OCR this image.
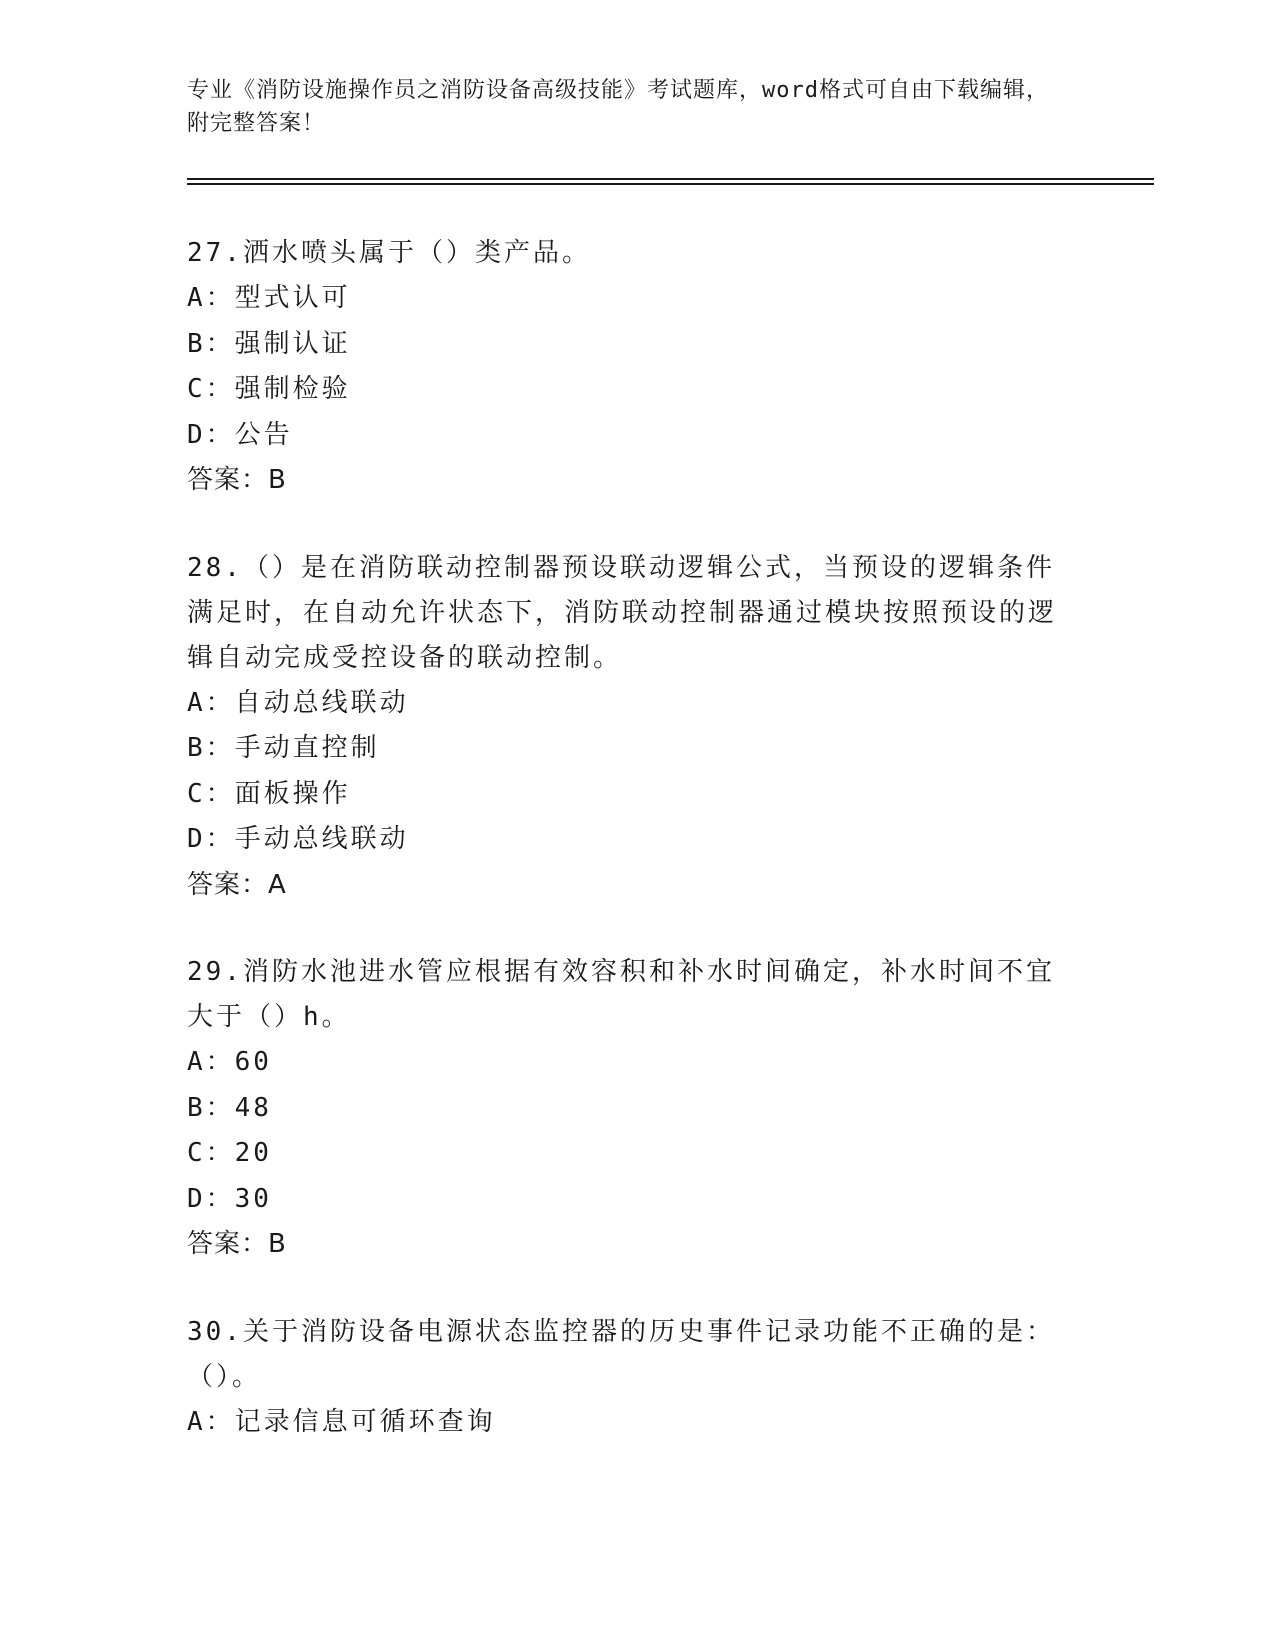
专业《消防设施操作员之消防设备高级技能》考试题库，word格式可自由下载编辑，附完整答案！
27.洒水喷头属于（）类产品。
A：型式认可
B：强制认证
C：强制检验
D：公告
答案：B
28.（）是在消防联动控制器预设联动逻辑公式，当预设的逻辑条件满足时，在自动允许状态下，消防联动控制器通过模块按照预设的逻辑自动完成受控设备的联动控制。
A：自动总线联动
B：手动直控制
C：面板操作
D：手动总线联动
答案：A
29.消防水池进水管应根据有效容积和补水时间确定，补水时间不宜大于（）h。
A：60
B：48
C：20
D：30
答案：B
30.关于消防设备电源状态监控器的历史事件记录功能不正确的是：（）。
A：记录信息可循环查询
